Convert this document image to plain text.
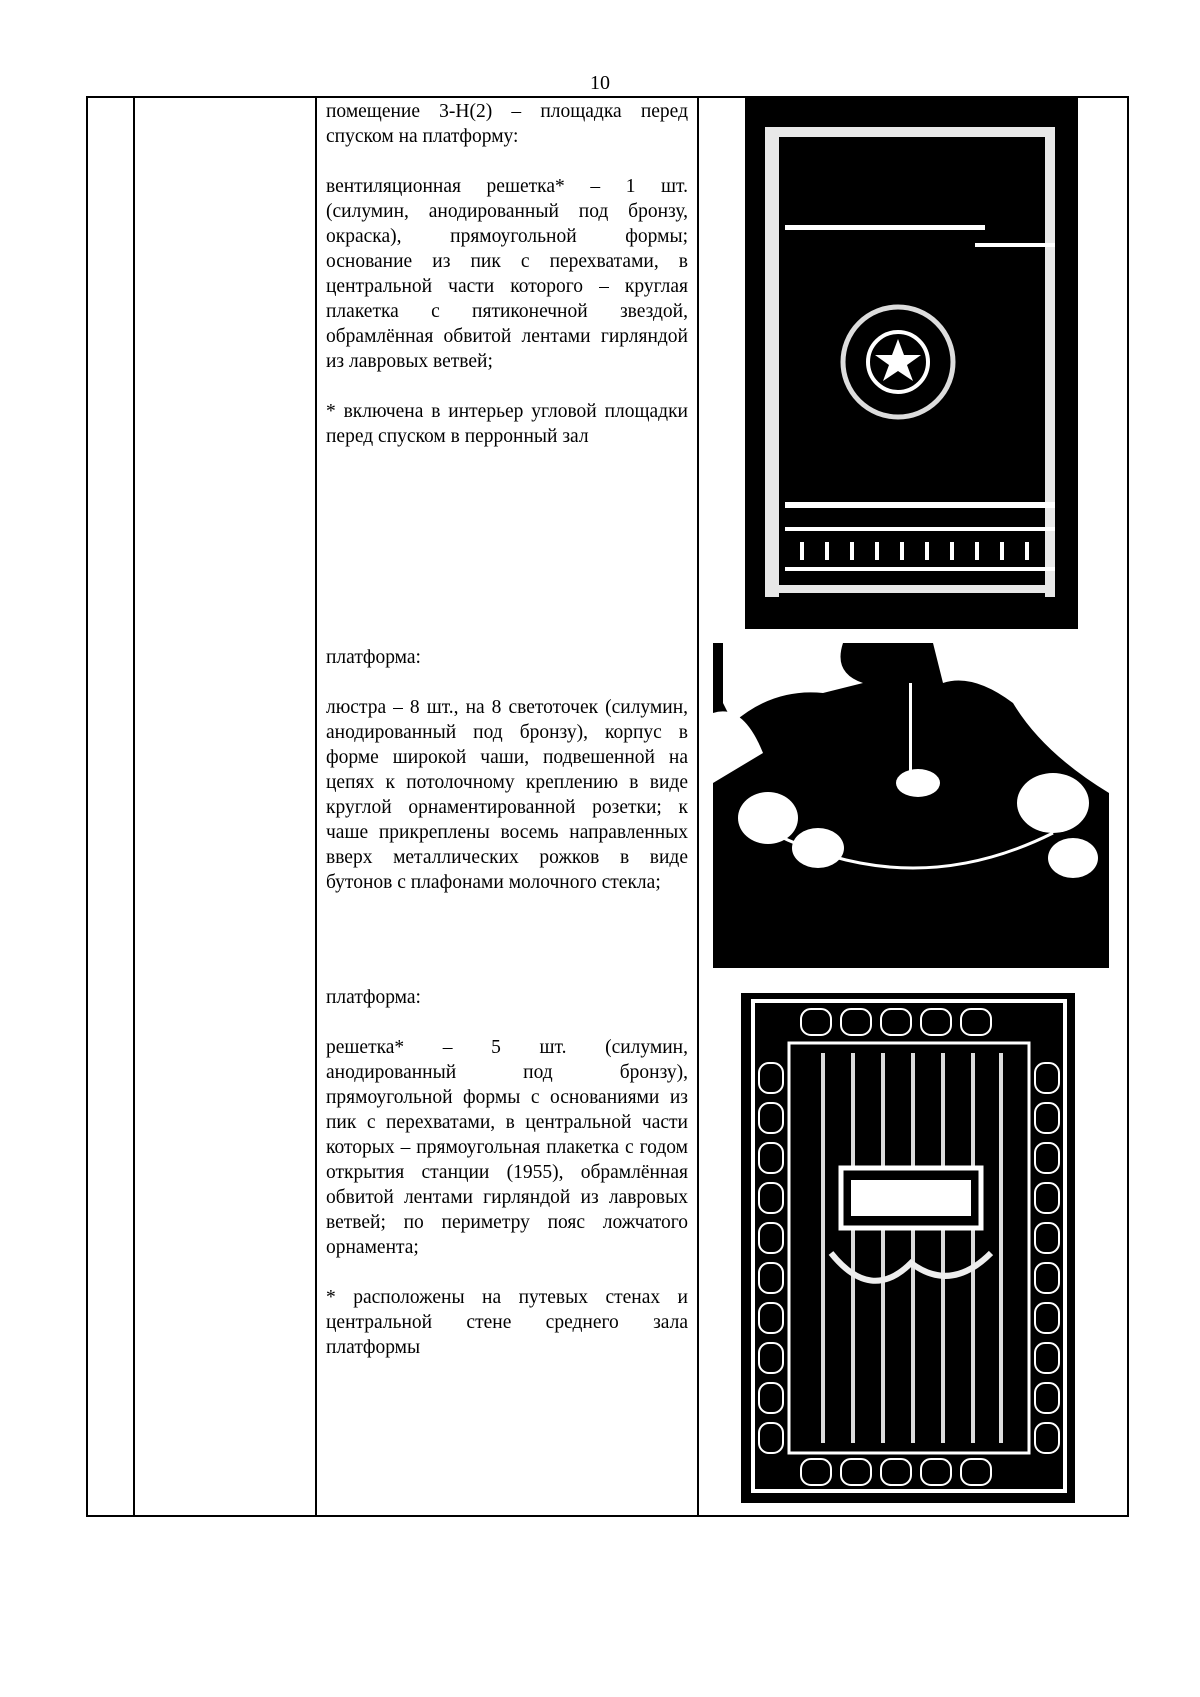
10

помещение 3-Н(2) – площадка перед спуском на платформу:

вентиляционная решетка* – 1 шт. (силумин, анодированный под бронзу, окраска), прямоугольной формы; основание из пик с перехватами, в центральной части которого – круглая плакетка с пятиконечной звездой, обрамлённая обвитой лентами гирляндой из лавровых ветвей;

* включена в интерьер угловой площадки перед спуском в перронный зал

платформа:

люстра – 8 шт., на 8 светоточек (силумин, анодированный под бронзу), корпус в форме широкой чаши, подвешенной на цепях к потолочному креплению в виде круглой орнаментированной розетки; к чаше прикреплены восемь направленных вверх металлических рожков в виде бутонов с плафонами молочного стекла;

платформа:

решетка* – 5 шт. (силумин, анодированный под бронзу), прямоугольной формы с основаниями из пик с перехватами, в центральной части которых – прямоугольная плакетка с годом открытия станции (1955), обрамлённая обвитой лентами гирляндой из лавровых ветвей; по периметру пояс ложчатого орнамента;

* расположены на путевых стенах и центральной стене среднего зала платформы
